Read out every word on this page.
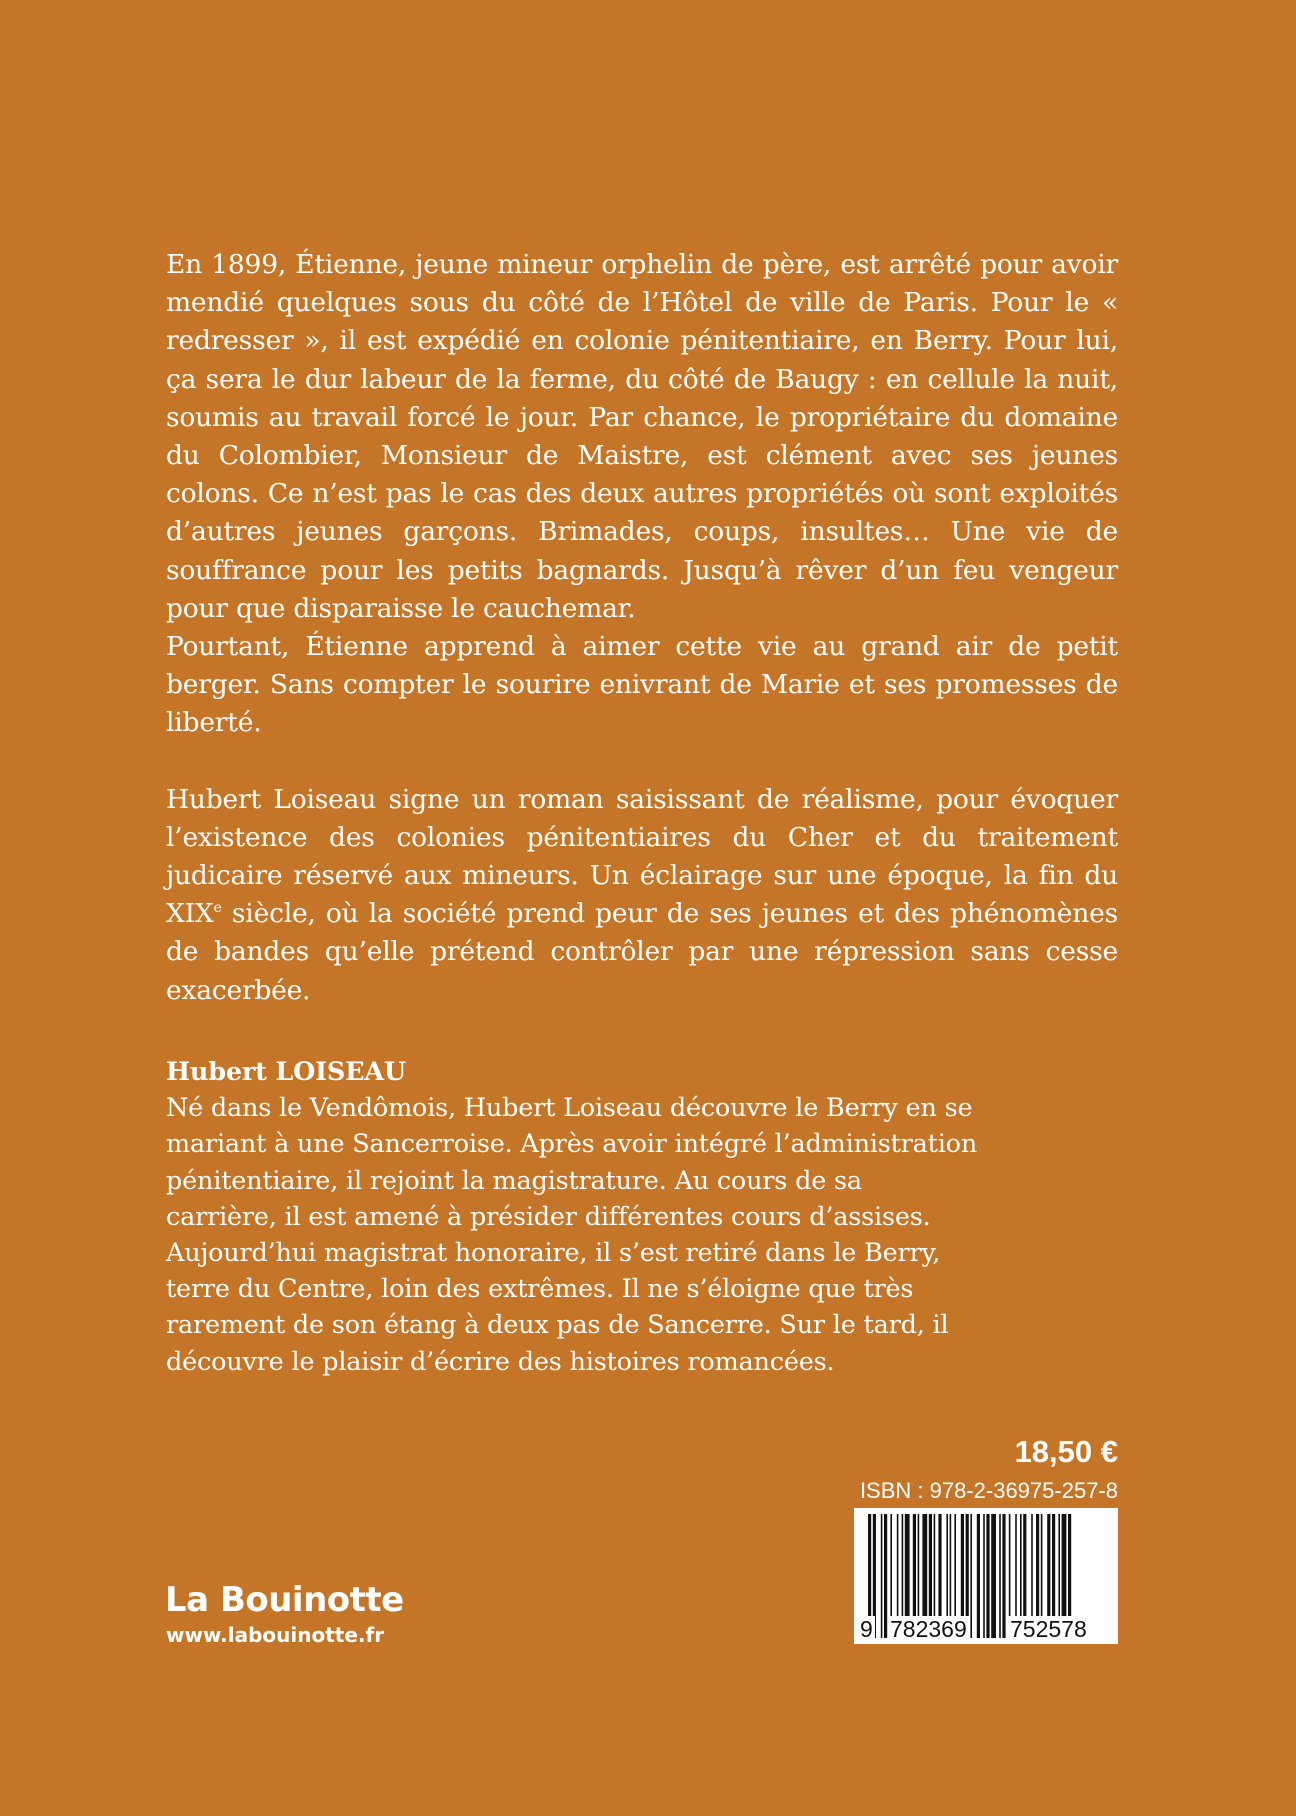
En 1899, Étienne, jeune mineur orphelin de père, est arrêté pour avoir mendié quelques sous du côté de l’Hôtel de ville de Paris. Pour le « redresser », il est expédié en colonie pénitentiaire, en Berry. Pour lui, ça sera le dur labeur de la ferme, du côté de Baugy : en cellule la nuit, soumis au travail forcé le jour. Par chance, le propriétaire du domaine du Colombier, Monsieur de Maistre, est clément avec ses jeunes colons. Ce n’est pas le cas des deux autres propriétés où sont exploités d’autres jeunes garçons. Brimades, coups, insultes… Une vie de souffrance pour les petits bagnards. Jusqu’à rêver d’un feu vengeur pour que disparaisse le cauchemar.

Pourtant, Étienne apprend à aimer cette vie au grand air de petit berger. Sans compter le sourire enivrant de Marie et ses promesses de liberté.

Hubert Loiseau signe un roman saisissant de réalisme, pour évoquer l’existence des colonies pénitentiaires du Cher et du traitement judicaire réservé aux mineurs. Un éclairage sur une époque, la fin du XIXe siècle, où la société prend peur de ses jeunes et des phénomènes de bandes qu’elle prétend contrôler par une répression sans cesse exacerbée.

Hubert LOISEAU

Né dans le Vendômois, Hubert Loiseau découvre le Berry en se mariant à une Sancerroise. Après avoir intégré l’administration pénitentiaire, il rejoint la magistrature. Au cours de sa carrière, il est amené à présider différentes cours d’assises. Aujourd’hui magistrat honoraire, il s’est retiré dans le Berry, terre du Centre, loin des extrêmes. Il ne s’éloigne que très rarement de son étang à deux pas de Sancerre. Sur le tard, il découvre le plaisir d’écrire des histoires romancées.

18,50 €
ISBN : 978-2-36975-257-8
9 782369 752578
La Bouinotte
www.labouinotte.fr
